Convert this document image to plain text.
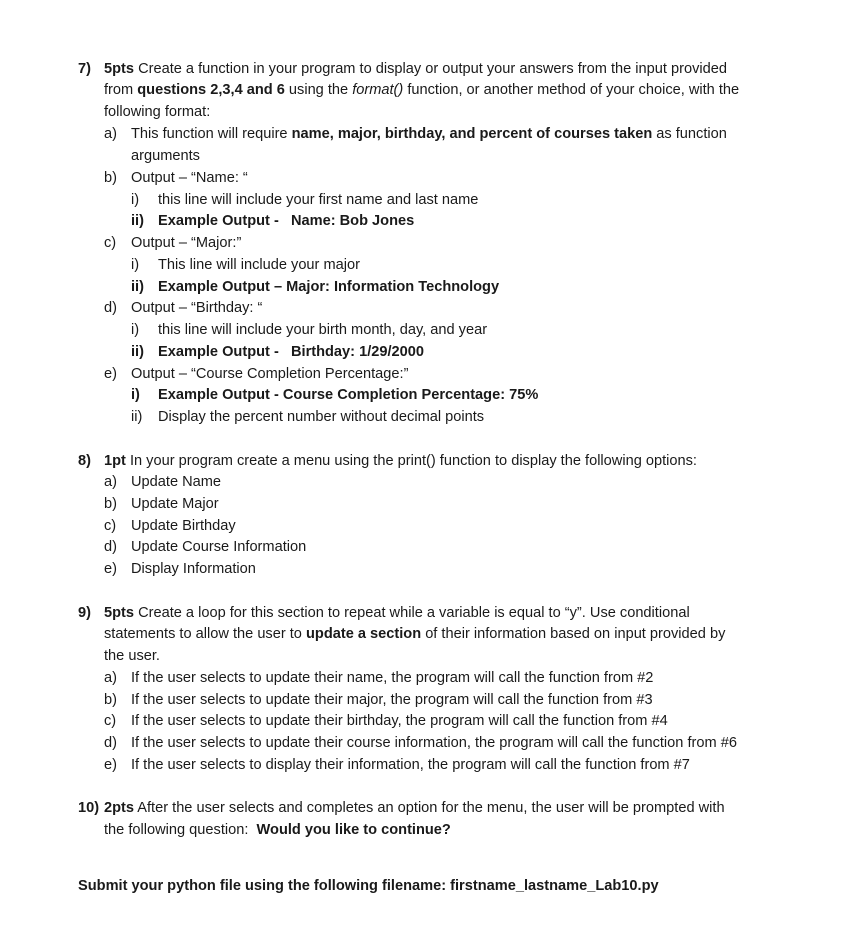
7) 5pts Create a function in your program to display or output your answers from the input provided
from questions 2,3,4 and 6 using the format() function, or another method of your choice, with the
following format:
a) This function will require name, major, birthday, and percent of courses taken as function
arguments
b) Output – “Name: “
i) this line will include your first name and last name
ii) Example Output -   Name: Bob Jones
c) Output – “Major:”
i) This line will include your major
ii) Example Output – Major: Information Technology
d) Output – “Birthday: “
i) this line will include your birth month, day, and year
ii) Example Output -   Birthday: 1/29/2000
e) Output – “Course Completion Percentage:”
i) Example Output - Course Completion Percentage: 75%
ii) Display the percent number without decimal points
8) 1pt In your program create a menu using the print() function to display the following options:
a) Update Name
b) Update Major
c) Update Birthday
d) Update Course Information
e) Display Information
9) 5pts Create a loop for this section to repeat while a variable is equal to “y”. Use conditional
statements to allow the user to update a section of their information based on input provided by
the user.
a) If the user selects to update their name, the program will call the function from #2
b) If the user selects to update their major, the program will call the function from #3
c) If the user selects to update their birthday, the program will call the function from #4
d) If the user selects to update their course information, the program will call the function from #6
e) If the user selects to display their information, the program will call the function from #7
10) 2pts After the user selects and completes an option for the menu, the user will be prompted with
the following question:  Would you like to continue?
Submit your python file using the following filename: firstname_lastname_Lab10.py
